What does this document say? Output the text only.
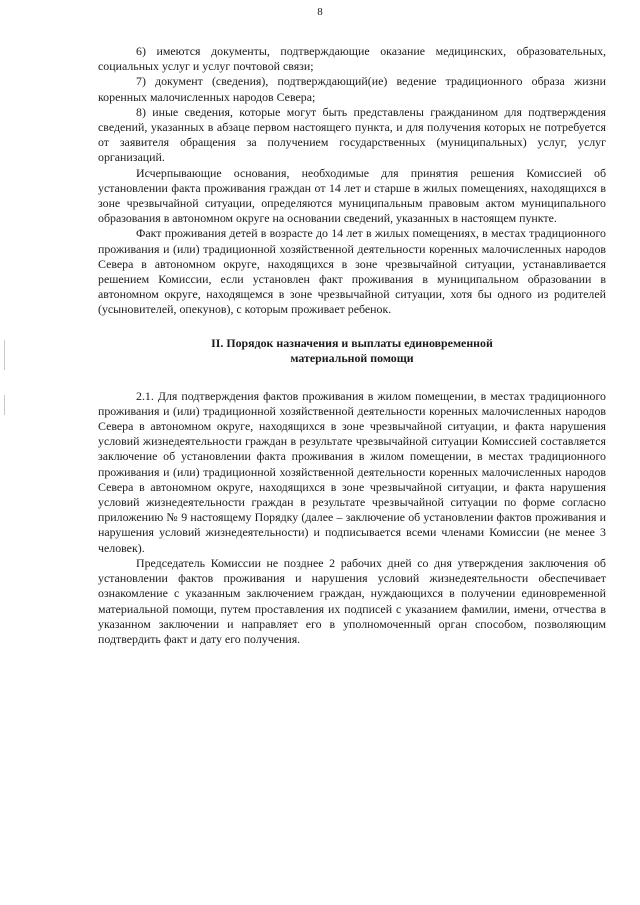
8

6) имеются документы, подтверждающие оказание медицинских, образовательных, социальных услуг и услуг почтовой связи;

7) документ (сведения), подтверждающий(ие) ведение традиционного образа жизни коренных малочисленных народов Севера;

8) иные сведения, которые могут быть представлены гражданином для подтверждения сведений, указанных в абзаце первом настоящего пункта, и для получения которых не потребуется от заявителя обращения за получением государственных (муниципальных) услуг, услуг организаций.

Исчерпывающие основания, необходимые для принятия решения Комиссией об установлении факта проживания граждан от 14 лет и старше в жилых помещениях, находящихся в зоне чрезвычайной ситуации, определяются муниципальным правовым актом муниципального образования в автономном округе на основании сведений, указанных в настоящем пункте.

Факт проживания детей в возрасте до 14 лет в жилых помещениях, в местах традиционного проживания и (или) традиционной хозяйственной деятельности коренных малочисленных народов Севера в автономном округе, находящихся в зоне чрезвычайной ситуации, устанавливается решением Комиссии, если установлен факт проживания в муниципальном образовании в автономном округе, находящемся в зоне чрезвычайной ситуации, хотя бы одного из родителей (усыновителей, опекунов), с которым проживает ребенок.

II. Порядок назначения и выплаты единовременной
материальной помощи

2.1. Для подтверждения фактов проживания в жилом помещении, в местах традиционного проживания и (или) традиционной хозяйственной деятельности коренных малочисленных народов Севера в автономном округе, находящихся в зоне чрезвычайной ситуации, и факта нарушения условий жизнедеятельности граждан в результате чрезвычайной ситуации Комиссией составляется заключение об установлении факта проживания в жилом помещении, в местах традиционного проживания и (или) традиционной хозяйственной деятельности коренных малочисленных народов Севера в автономном округе, находящихся в зоне чрезвычайной ситуации, и факта нарушения условий жизнедеятельности граждан в результате чрезвычайной ситуации по форме согласно приложению № 9 настоящему Порядку (далее – заключение об установлении фактов проживания и нарушения условий жизнедеятельности) и подписывается всеми членами Комиссии (не менее 3 человек).

Председатель Комиссии не позднее 2 рабочих дней со дня утверждения заключения об установлении фактов проживания и нарушения условий жизнедеятельности обеспечивает ознакомление с указанным заключением граждан, нуждающихся в получении единовременной материальной помощи, путем проставления их подписей с указанием фамилии, имени, отчества в указанном заключении и направляет его в уполномоченный орган способом, позволяющим подтвердить факт и дату его получения.
